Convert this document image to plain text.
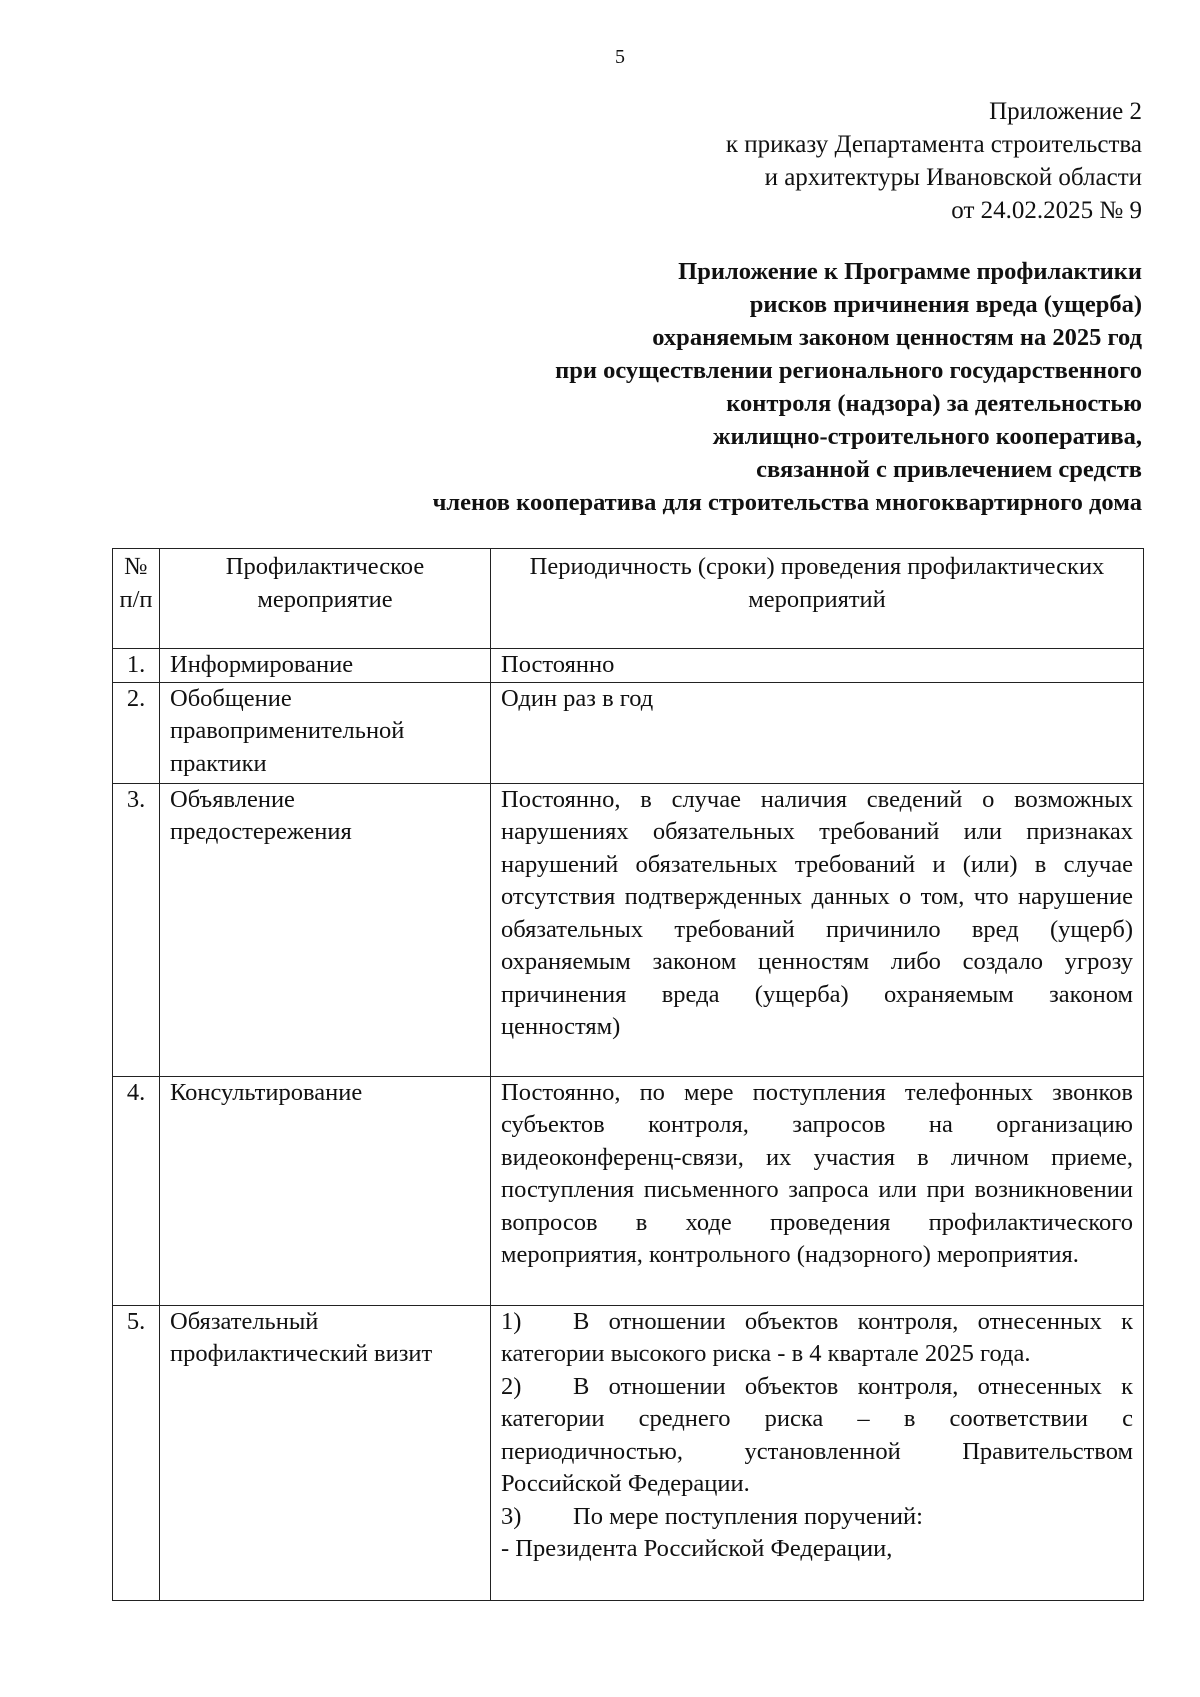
5
Приложение 2
к приказу Департамента строительства
и архитектуры Ивановской области
от 24.02.2025 № 9
Приложение к Программе профилактики
рисков причинения вреда (ущерба)
охраняемым законом ценностям на 2025 год
при осуществлении регионального государственного
контроля (надзора) за деятельностью
жилищно-строительного кооператива,
связанной с привлечением средств
членов кооператива для строительства многоквартирного дома
№ п/п	Профилактическое мероприятие	Периодичность (сроки) проведения профилактических мероприятий
1.	Информирование	Постоянно
2.	Обобщение правоприменительной практики	Один раз в год
3.	Объявление предостережения	Постоянно, в случае наличия сведений о возможных нарушениях обязательных требований или признаках нарушений обязательных требований и (или) в случае отсутствия подтвержденных данных о том, что нарушение обязательных требований причинило вред (ущерб) охраняемым законом ценностям либо создало угрозу причинения вреда (ущерба) охраняемым законом ценностям)
4.	Консультирование	Постоянно, по мере поступления телефонных звонков субъектов контроля, запросов на организацию видеоконференц-связи, их участия в личном приеме, поступления письменного запроса или при возникновении вопросов в ходе проведения профилактического мероприятия, контрольного (надзорного) мероприятия.
5.	Обязательный профилактический визит	1) В отношении объектов контроля, отнесенных к категории высокого риска - в 4 квартале 2025 года.
2) В отношении объектов контроля, отнесенных к категории среднего риска – в соответствии с периодичностью, установленной Правительством Российской Федерации.
3) По мере поступления поручений:
- Президента Российской Федерации,
